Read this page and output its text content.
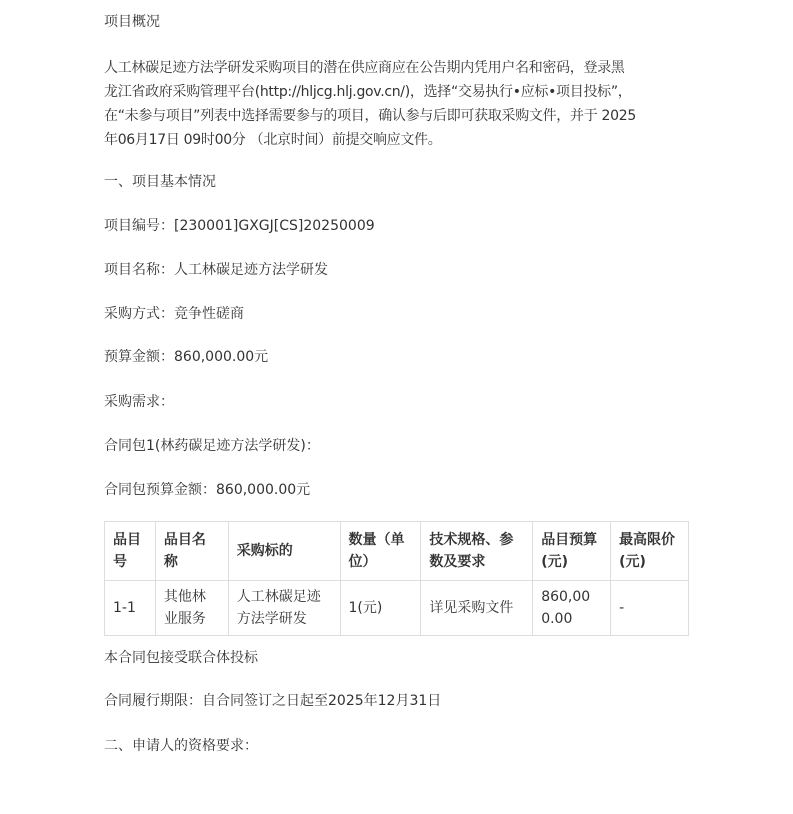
项目概况
人工林碳足迹方法学研发采购项目的潜在供应商应在公告期内凭用户名和密码，登录黑
龙江省政府采购管理平台(http://hljcg.hlj.gov.cn/)，选择“交易执行•应标•项目投标”，
在“未参与项目”列表中选择需要参与的项目，确认参与后即可获取采购文件，并于 2025
年06月17日 09时00分 （北京时间）前提交响应文件。
一、项目基本情况
项目编号：[230001]GXGJ[CS]20250009
项目名称：人工林碳足迹方法学研发
采购方式：竞争性磋商
预算金额：860,000.00元
采购需求：
合同包1(林药碳足迹方法学研发)：
合同包预算金额：860,000.00元
品目号	品目名称	采购标的	数量（单位）	技术规格、参数及要求	品目预算(元)	最高限价(元)
1-1	其他林业服务	人工林碳足迹方法学研发	1(元)	详见采购文件	860,000.00	-
本合同包接受联合体投标
合同履行期限：自合同签订之日起至2025年12月31日
二、申请人的资格要求：
